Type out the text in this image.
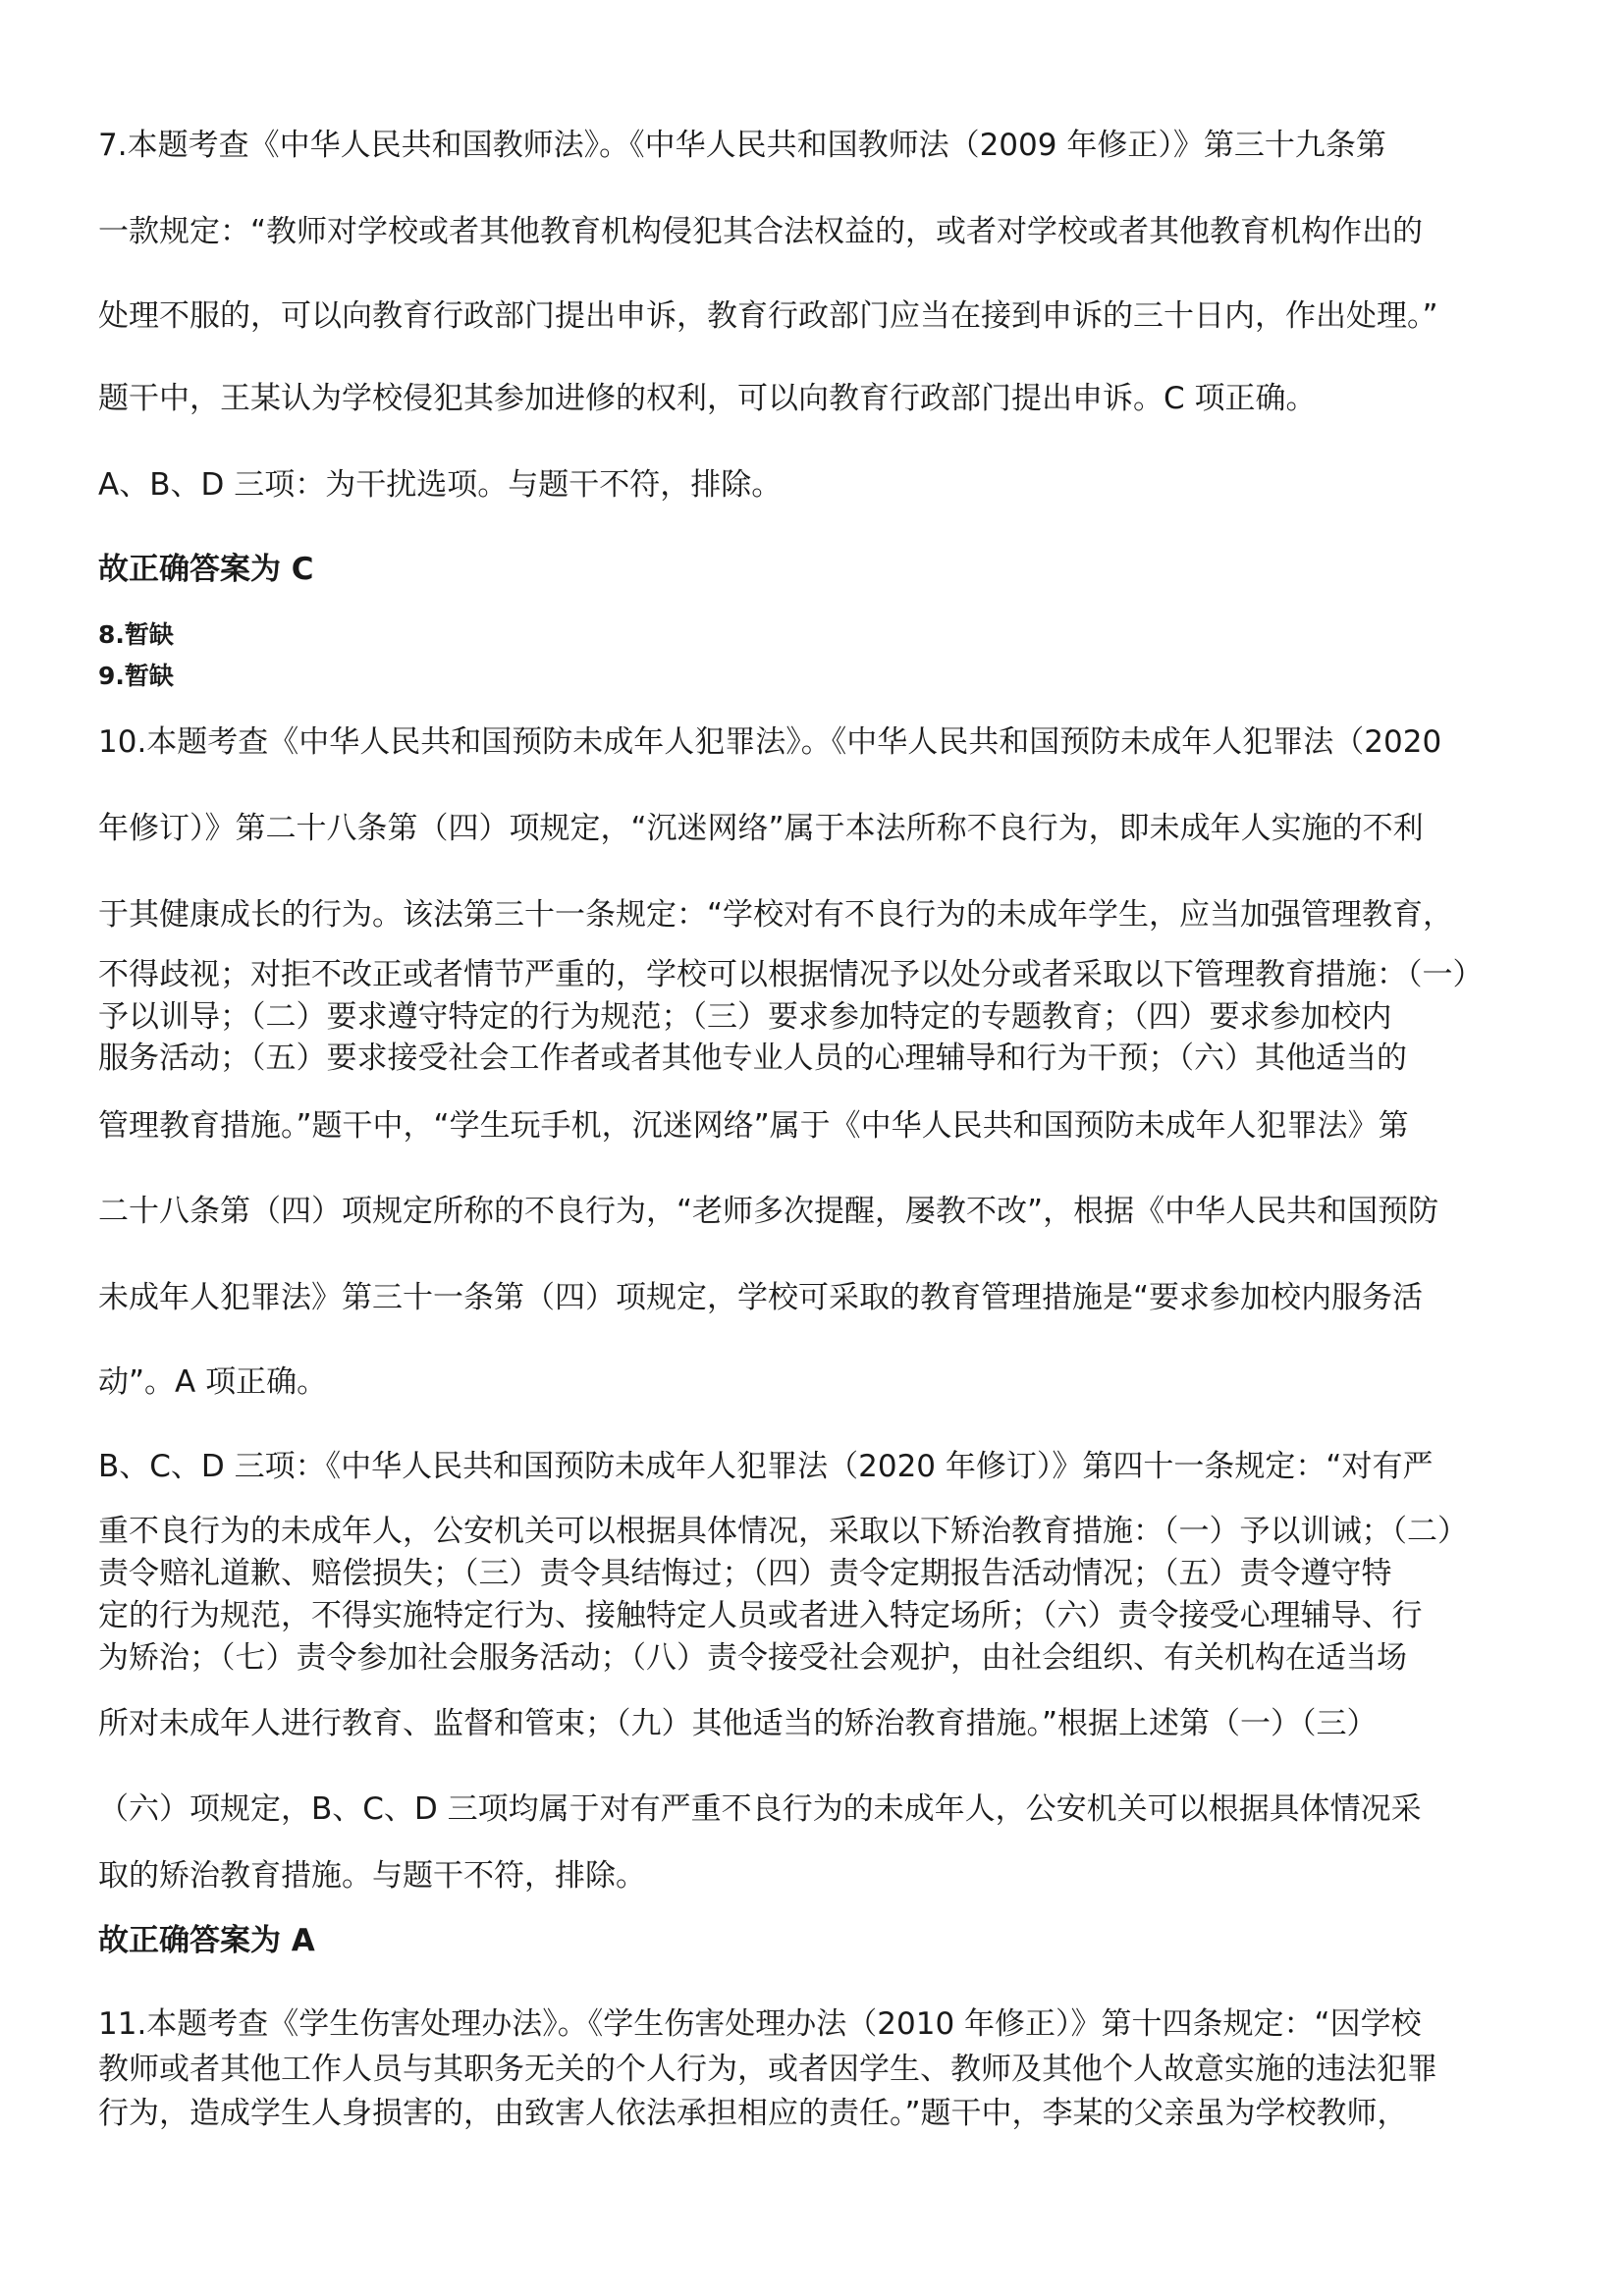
7.本题考查《中华人民共和国教师法》。《中华人民共和国教师法（2009 年修正）》第三十九条第

一款规定：“教师对学校或者其他教育机构侵犯其合法权益的，或者对学校或者其他教育机构作出的

处理不服的，可以向教育行政部门提出申诉，教育行政部门应当在接到申诉的三十日内，作出处理。”

题干中，王某认为学校侵犯其参加进修的权利，可以向教育行政部门提出申诉。C 项正确。

A、B、D 三项：为干扰选项。与题干不符，排除。

故正确答案为 C

8.暂缺

9.暂缺

10.本题考查《中华人民共和国预防未成年人犯罪法》。《中华人民共和国预防未成年人犯罪法（2020

年修订）》第二十八条第（四）项规定，“沉迷网络”属于本法所称不良行为，即未成年人实施的不利

于其健康成长的行为。该法第三十一条规定：“学校对有不良行为的未成年学生，应当加强管理教育，

不得歧视；对拒不改正或者情节严重的，学校可以根据情况予以处分或者采取以下管理教育措施：（一）

予以训导；（二）要求遵守特定的行为规范；（三）要求参加特定的专题教育；（四）要求参加校内

服务活动；（五）要求接受社会工作者或者其他专业人员的心理辅导和行为干预；（六）其他适当的

管理教育措施。”题干中，“学生玩手机，沉迷网络”属于《中华人民共和国预防未成年人犯罪法》第

二十八条第（四）项规定所称的不良行为，“老师多次提醒，屡教不改”，根据《中华人民共和国预防

未成年人犯罪法》第三十一条第（四）项规定，学校可采取的教育管理措施是“要求参加校内服务活

动”。A 项正确。

B、C、D 三项：《中华人民共和国预防未成年人犯罪法（2020 年修订）》第四十一条规定：“对有严

重不良行为的未成年人，公安机关可以根据具体情况，采取以下矫治教育措施：（一）予以训诫；（二）

责令赔礼道歉、赔偿损失；（三）责令具结悔过；（四）责令定期报告活动情况；（五）责令遵守特

定的行为规范，不得实施特定行为、接触特定人员或者进入特定场所；（六）责令接受心理辅导、行

为矫治；（七）责令参加社会服务活动；（八）责令接受社会观护，由社会组织、有关机构在适当场

所对未成年人进行教育、监督和管束；（九）其他适当的矫治教育措施。”根据上述第（一）（三）

（六）项规定，B、C、D 三项均属于对有严重不良行为的未成年人，公安机关可以根据具体情况采

取的矫治教育措施。与题干不符，排除。

故正确答案为 A

11.本题考查《学生伤害处理办法》。《学生伤害处理办法（2010 年修正）》第十四条规定：“因学校

教师或者其他工作人员与其职务无关的个人行为，或者因学生、教师及其他个人故意实施的违法犯罪

行为，造成学生人身损害的，由致害人依法承担相应的责任。”题干中，李某的父亲虽为学校教师，
